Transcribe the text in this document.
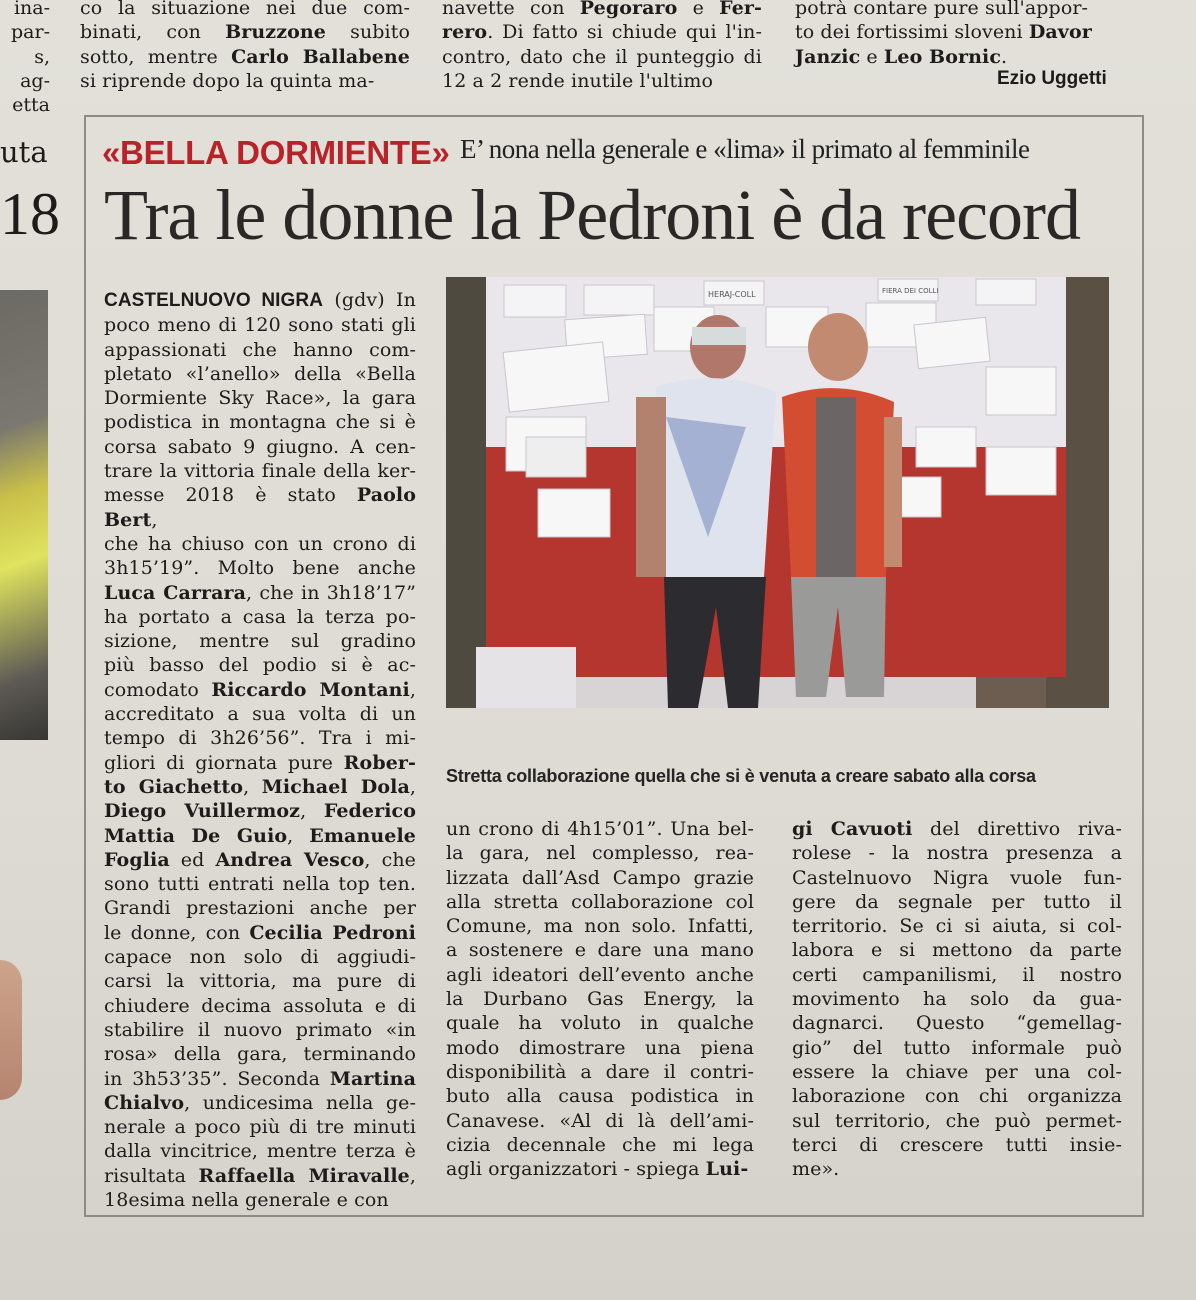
ina-
par-
s, ag-
etta
uta
18
co la situazione nei due com-
binati, con Bruzzone subito
sotto, mentre Carlo Ballabene
si riprende dopo la quinta ma-
navette con Pegoraro e Fer-
rero. Di fatto si chiude qui l'in-
contro, dato che il punteggio di
12 a 2 rende inutile l'ultimo
potrà contare pure sull'appor-
to dei fortissimi sloveni Davor
Janzic e Leo Bornic.
Ezio Uggetti
«BELLA DORMIENTE» E’ nona nella generale e «lima» il primato al femminile
Tra le donne la Pedroni è da record
CASTELNUOVO NIGRA (gdv) In
poco meno di 120 sono stati gli
appassionati che hanno com-
pletato «l’anello» della «Bella
Dormiente Sky Race», la gara
podistica in montagna che si è
corsa sabato 9 giugno. A cen-
trare la vittoria finale della ker-
messe 2018 è stato Paolo Bert,
che ha chiuso con un crono di
3h15’19”. Molto bene anche
Luca Carrara, che in 3h18’17”
ha portato a casa la terza po-
sizione, mentre sul gradino
più basso del podio si è ac-
comodato Riccardo Montani,
accreditato a sua volta di un
tempo di 3h26’56”. Tra i mi-
gliori di giornata pure Rober-
to Giachetto, Michael Dola,
Diego Vuillermoz, Federico
Mattia De Guio, Emanuele
Foglia ed Andrea Vesco, che
sono tutti entrati nella top ten.
Grandi prestazioni anche per
le donne, con Cecilia Pedroni
capace non solo di aggiudi-
carsi la vittoria, ma pure di
chiudere decima assoluta e di
stabilire il nuovo primato «in
rosa» della gara, terminando
in 3h53’35”. Seconda Martina
Chialvo, undicesima nella ge-
nerale a poco più di tre minuti
dalla vincitrice, mentre terza è
risultata Raffaella Miravalle,
18esima nella generale e con
un crono di 4h15’01”. Una bel-
la gara, nel complesso, rea-
lizzata dall’Asd Campo grazie
alla stretta collaborazione col
Comune, ma non solo. Infatti,
a sostenere e dare una mano
agli ideatori dell’evento anche
la Durbano Gas Energy, la
quale ha voluto in qualche
modo dimostrare una piena
disponibilità a dare il contri-
buto alla causa podistica in
Canavese. «Al di là dell’ami-
cizia decennale che mi lega
agli organizzatori - spiega Lui-
gi Cavuoti del direttivo riva-
rolese - la nostra presenza a
Castelnuovo Nigra vuole fun-
gere da segnale per tutto il
territorio. Se ci si aiuta, si col-
labora e si mettono da parte
certi campanilismi, il nostro
movimento ha solo da gua-
dagnarci. Questo “gemellag-
gio” del tutto informale può
essere la chiave per una col-
laborazione con chi organizza
sul territorio, che può permet-
terci di crescere tutti insie-
me».
HERAJ-COLL	FIERA DEI COLLI
Stretta collaborazione quella che si è venuta a creare sabato alla corsa
